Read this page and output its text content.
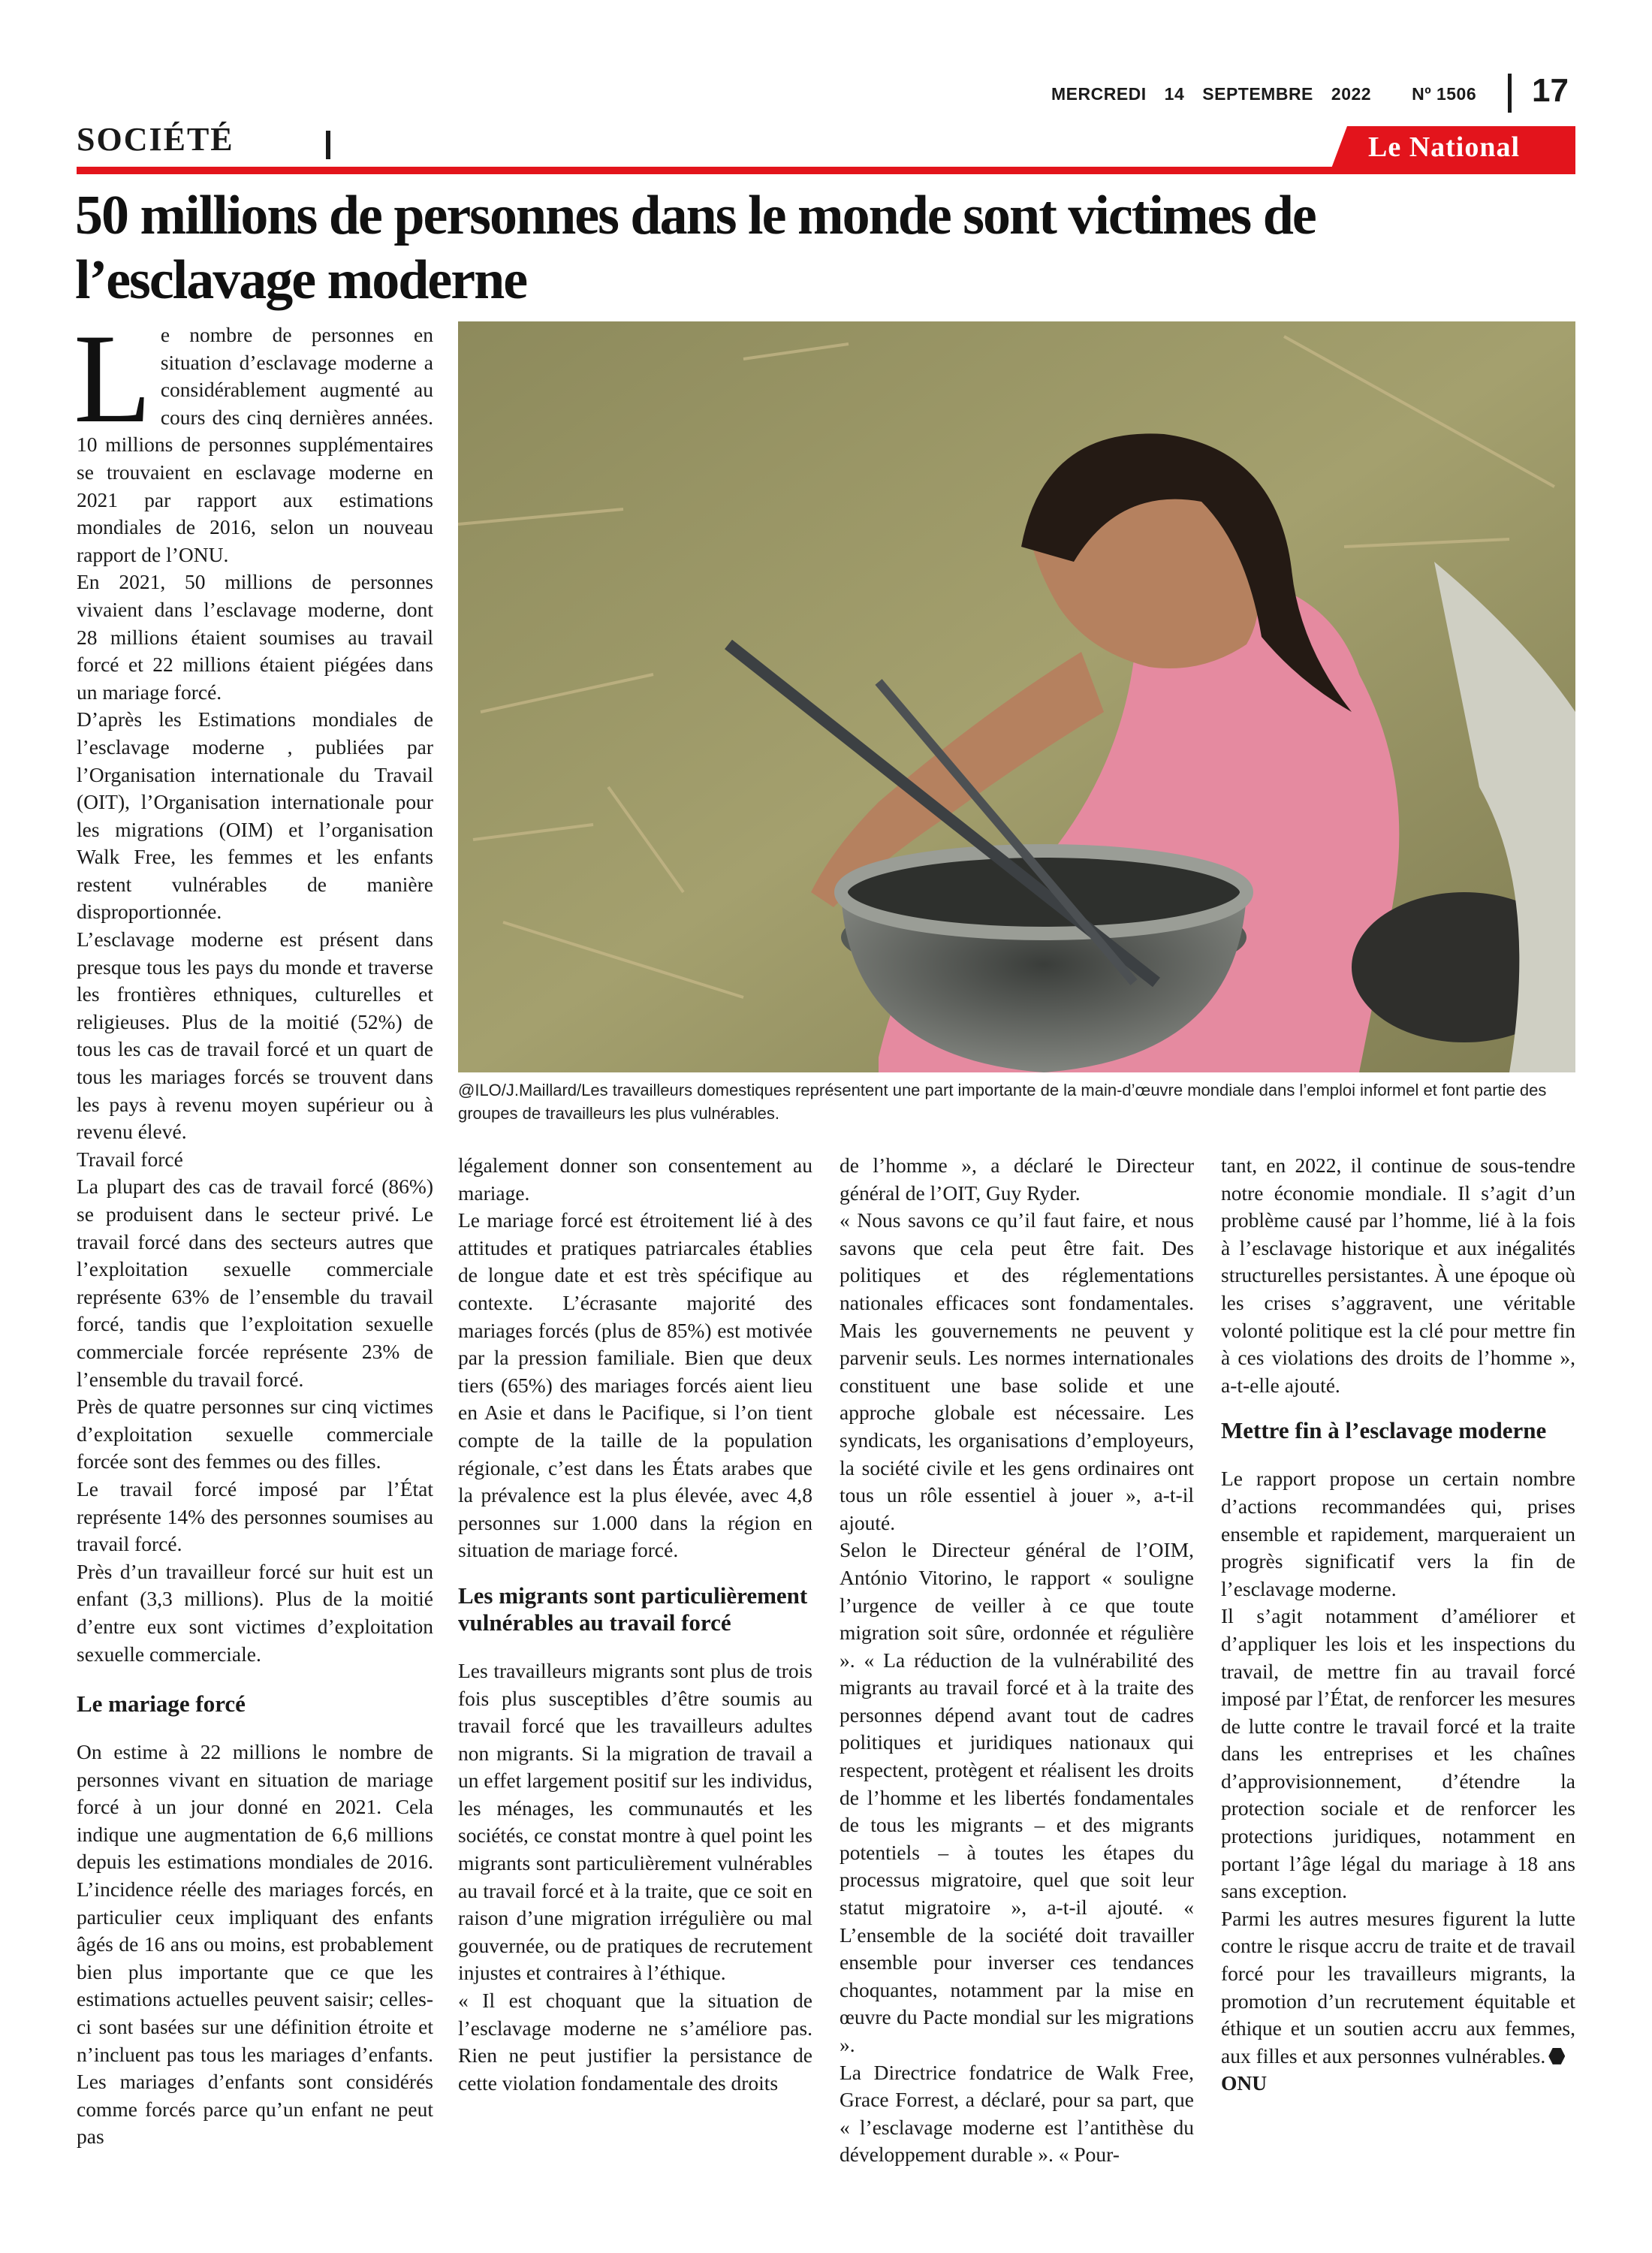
MERCREDI 14 SEPTEMBRE 2022 Nº 1506 17
SOCIÉTÉ	Le National
50 millions de personnes dans le monde sont victimes de l’esclavage moderne
@ILO/J.Maillard/Les travailleurs domestiques représentent une part importante de la main-d’œuvre mondiale dans l’emploi informel et font partie des groupes de travailleurs les plus vulnérables.
L e nombre de personnes en situation d’esclavage moderne a considérablement augmenté au cours des cinq dernières années. 10 millions de personnes supplémentaires se trouvaient en esclavage moderne en 2021 par rapport aux estimations mondiales de 2016, selon un nouveau rapport de l’ONU.

En 2021, 50 millions de personnes vivaient dans l’esclavage moderne, dont 28 millions étaient soumises au travail forcé et 22 millions étaient piégées dans un mariage forcé.

D’après les Estimations mondiales de l’esclavage moderne , publiées par l’Organisation internationale du Travail (OIT), l’Organisation internationale pour les migrations (OIM) et l’organisation Walk Free, les femmes et les enfants restent vulnérables de manière disproportionnée.

L’esclavage moderne est présent dans presque tous les pays du monde et traverse les frontières ethniques, culturelles et religieuses. Plus de la moitié (52%) de tous les cas de travail forcé et un quart de tous les mariages forcés se trouvent dans les pays à revenu moyen supérieur ou à revenu élevé.

Travail forcé

La plupart des cas de travail forcé (86%) se produisent dans le secteur privé. Le travail forcé dans des secteurs autres que l’exploitation sexuelle commerciale représente 63% de l’ensemble du travail forcé, tandis que l’exploitation sexuelle commerciale forcée représente 23% de l’ensemble du travail forcé.

Près de quatre personnes sur cinq victimes d’exploitation sexuelle commerciale forcée sont des femmes ou des filles.

Le travail forcé imposé par l’État représente 14% des personnes soumises au travail forcé.

Près d’un travailleur forcé sur huit est un enfant (3,3 millions). Plus de la moitié d’entre eux sont victimes d’exploitation sexuelle commerciale.

Le mariage forcé

On estime à 22 millions le nombre de personnes vivant en situation de mariage forcé à un jour donné en 2021. Cela indique une augmentation de 6,6 millions depuis les estimations mondiales de 2016. L’incidence réelle des mariages forcés, en particulier ceux impliquant des enfants âgés de 16 ans ou moins, est probablement bien plus importante que ce que les estimations actuelles peuvent saisir; celles-ci sont basées sur une définition étroite et n’incluent pas tous les mariages d’enfants. Les mariages d’enfants sont considérés comme forcés parce qu’un enfant ne peut pas

légalement donner son consentement au mariage.

Le mariage forcé est étroitement lié à des attitudes et pratiques patriarcales établies de longue date et est très spécifique au contexte. L’écrasante majorité des mariages forcés (plus de 85%) est motivée par la pression familiale. Bien que deux tiers (65%) des mariages forcés aient lieu en Asie et dans le Pacifique, si l’on tient compte de la taille de la population régionale, c’est dans les États arabes que la prévalence est la plus élevée, avec 4,8 personnes sur 1.000 dans la région en situation de mariage forcé.

Les migrants sont particulièrement vulnérables au travail forcé

Les travailleurs migrants sont plus de trois fois plus susceptibles d’être soumis au travail forcé que les travailleurs adultes non migrants. Si la migration de travail a un effet largement positif sur les individus, les ménages, les communautés et les sociétés, ce constat montre à quel point les migrants sont particulièrement vulnérables au travail forcé et à la traite, que ce soit en raison d’une migration irrégulière ou mal gouvernée, ou de pratiques de recrutement injustes et contraires à l’éthique.

« Il est choquant que la situation de l’esclavage moderne ne s’améliore pas. Rien ne peut justifier la persistance de cette violation fondamentale des droits

de l’homme », a déclaré le Directeur général de l’OIT, Guy Ryder.

« Nous savons ce qu’il faut faire, et nous savons que cela peut être fait. Des politiques et des réglementations nationales efficaces sont fondamentales. Mais les gouvernements ne peuvent y parvenir seuls. Les normes internationales constituent une base solide et une approche globale est nécessaire. Les syndicats, les organisations d’employeurs, la société civile et les gens ordinaires ont tous un rôle essentiel à jouer », a-t-il ajouté.

Selon le Directeur général de l’OIM, António Vitorino, le rapport « souligne l’urgence de veiller à ce que toute migration soit sûre, ordonnée et régulière ». « La réduction de la vulnérabilité des migrants au travail forcé et à la traite des personnes dépend avant tout de cadres politiques et juridiques nationaux qui respectent, protègent et réalisent les droits de l’homme et les libertés fondamentales de tous les migrants – et des migrants potentiels – à toutes les étapes du processus migratoire, quel que soit leur statut migratoire », a-t-il ajouté. « L’ensemble de la société doit travailler ensemble pour inverser ces tendances choquantes, notamment par la mise en œuvre du Pacte mondial sur les migrations ».

La Directrice fondatrice de Walk Free, Grace Forrest, a déclaré, pour sa part, que « l’esclavage moderne est l’antithèse du développement durable ». « Pour-

tant, en 2022, il continue de sous-tendre notre économie mondiale. Il s’agit d’un problème causé par l’homme, lié à la fois à l’esclavage historique et aux inégalités structurelles persistantes. À une époque où les crises s’aggravent, une véritable volonté politique est la clé pour mettre fin à ces violations des droits de l’homme », a-t-elle ajouté.

Mettre fin à l’esclavage moderne

Le rapport propose un certain nombre d’actions recommandées qui, prises ensemble et rapidement, marqueraient un progrès significatif vers la fin de l’esclavage moderne.

Il s’agit notamment d’améliorer et d’appliquer les lois et les inspections du travail, de mettre fin au travail forcé imposé par l’État, de renforcer les mesures de lutte contre le travail forcé et la traite dans les entreprises et les chaînes d’approvisionnement, d’étendre la protection sociale et de renforcer les protections juridiques, notamment en portant l’âge légal du mariage à 18 ans sans exception.

Parmi les autres mesures figurent la lutte contre le risque accru de traite et de travail forcé pour les travailleurs migrants, la promotion d’un recrutement équitable et éthique et un soutien accru aux femmes, aux filles et aux personnes vulnérables.

ONU
